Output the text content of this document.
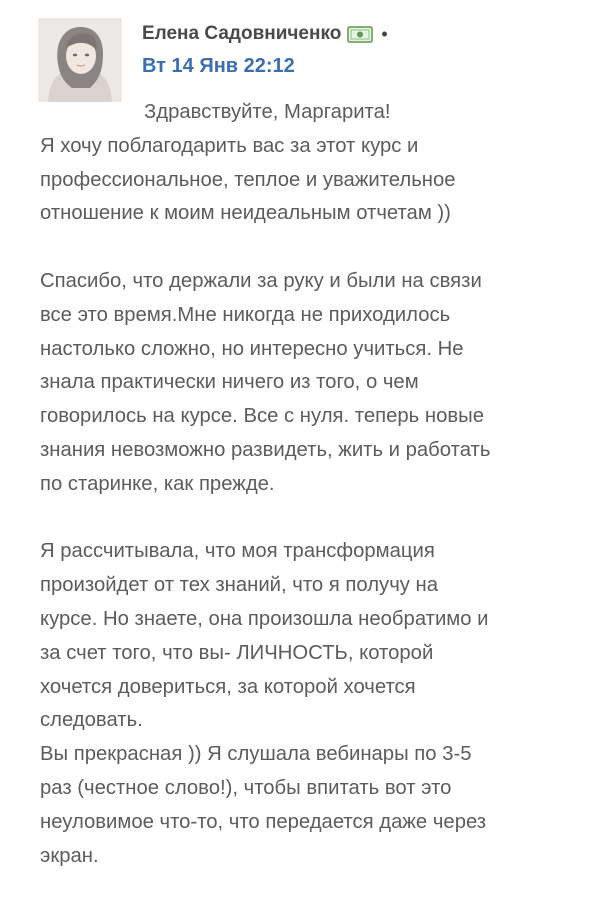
Елена Садовниченко •
Вт 14 Янв 22:12
Здравствуйте, Маргарита!
Я хочу поблагодарить вас за этот курс и
профессиональное, теплое и уважительное
отношение к моим неидеальным отчетам ))
Спасибо, что держали за руку и были на связи
все это время.Мне никогда не приходилось
настолько сложно, но интересно учиться. Не
знала практически ничего из того, о чем
говорилось на курсе. Все с нуля. теперь новые
знания невозможно развидеть, жить и работать
по старинке, как прежде.
Я рассчитывала, что моя трансформация
произойдет от тех знаний, что я получу на
курсе. Но знаете, она произошла необратимо и
за счет того, что вы- ЛИЧНОСТЬ, которой
хочется довериться, за которой хочется
следовать.
Вы прекрасная )) Я слушала вебинары по 3-5
раз (честное слово!), чтобы впитать вот это
неуловимое что-то, что передается даже через
экран.
